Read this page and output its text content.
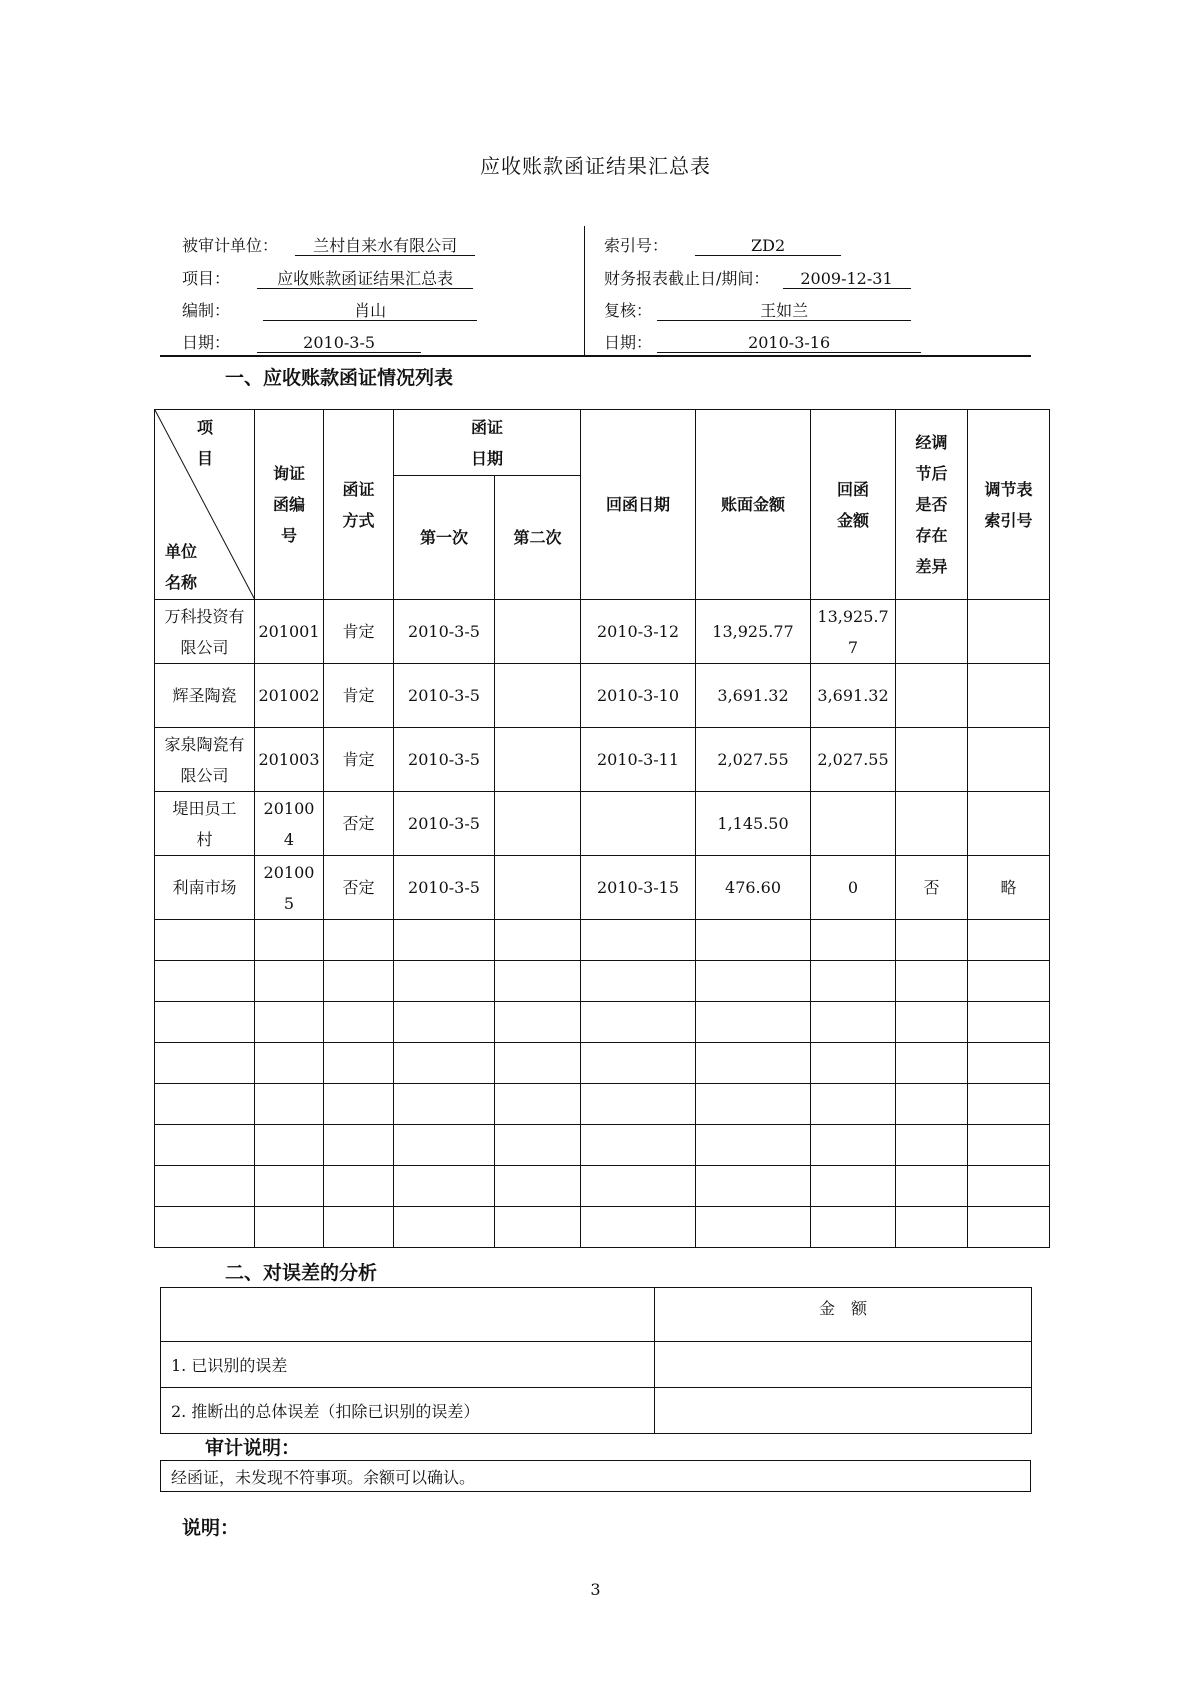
应收账款函证结果汇总表
被审计单位： 兰村自来水有限公司
项目：	应收账款函证结果汇总表
编制：	肖山
日期：	2010-3-5
索引号：	ZD2
财务报表截止日/期间： 2009-12-31
复核：	王如兰
日期：	2010-3-16
一、应收账款函证情况列表
项
目
单位
名称	询证函编号	函证方式	函证日期		回函日期	账面金额	回函金额	经调节后是否存在差异	调节表索引号
			第一次	第二次					
万科投资有限公司	201001	肯定	2010-3-5		2010-3-12	13,925.77	13,925.77		
辉圣陶瓷	201002	肯定	2010-3-5		2010-3-10	3,691.32	3,691.32		
家泉陶瓷有限公司	201003	肯定	2010-3-5		2010-3-11	2,027.55	2,027.55		
堤田员工村	201004	否定	2010-3-5			1,145.50			
利南市场	201005	否定	2010-3-5		2010-3-15	476.60	0	否	略

二、对误差的分析
	金　额
1. 已识别的误差	
2. 推断出的总体误差（扣除已识别的误差）	
审计说明：
经函证，未发现不符事项。余额可以确认。
说明：
3
